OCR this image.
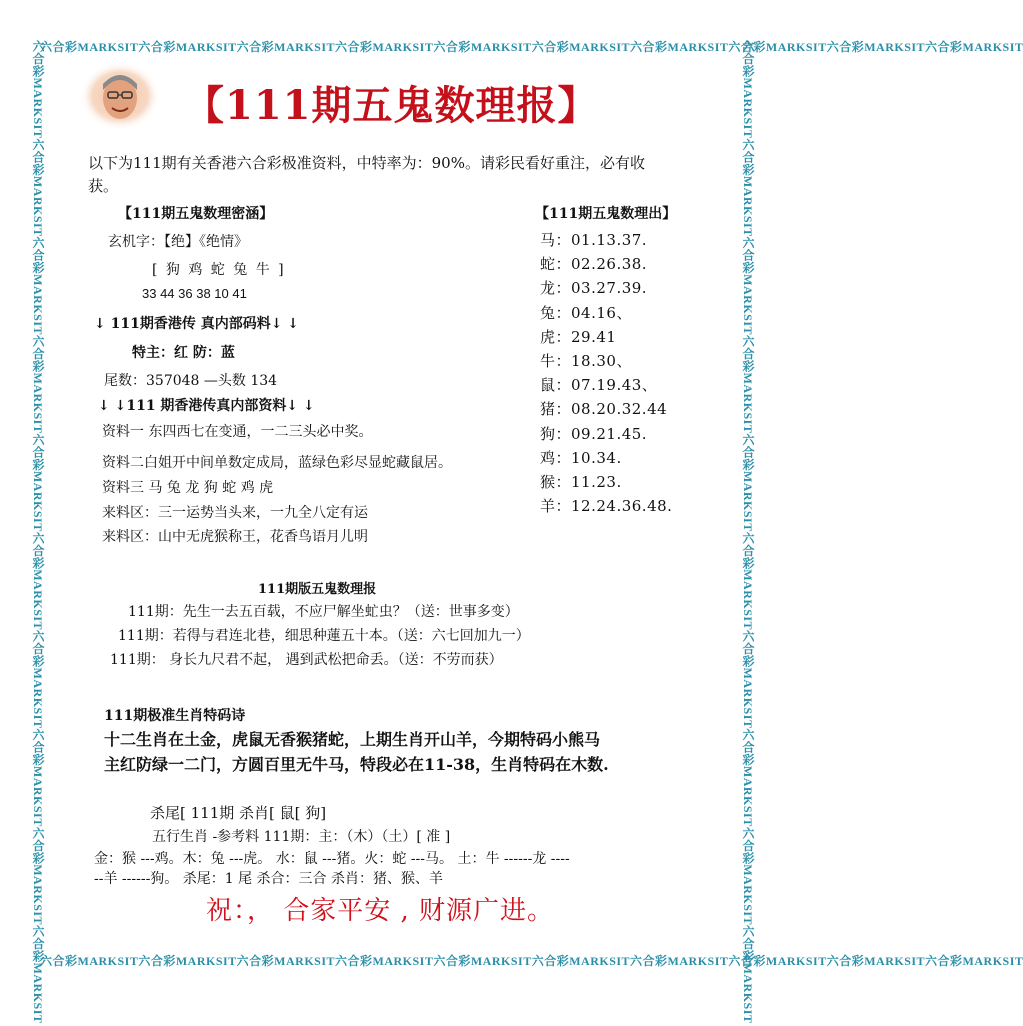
六合彩MARKSIT六合彩MARKSIT六合彩MARKSIT六合彩MARKSIT六合彩MARKSIT六合彩MARKSIT六合彩MARKSIT六合彩MARKSIT六合彩MARKSIT六合彩MARKSIT
六合彩MARKSIT六合彩MARKSIT六合彩MARKSIT六合彩MARKSIT六合彩MARKSIT六合彩MARKSIT六合彩MARKSIT六合彩MARKSIT六合彩MARKSIT六合彩MARKSIT
六合彩MARKSIT六合彩MARKSIT六合彩MARKSIT六合彩MARKSIT六合彩MARKSIT六合彩MARKSIT六合彩MARKSIT六合彩MARKSIT六合彩MARKSIT六合彩MARKSIT	六合彩MARKSIT六合彩MARKSIT六合彩MARKSIT六合彩MARKSIT六合彩MARKSIT六合彩MARKSIT六合彩MARKSIT六合彩MARKSIT六合彩MARKSIT六合彩MARKSIT
【111期五鬼数理报】
以下为111期有关香港六合彩极准资料，中特率为：90%。请彩民看好重注，必有收
获。
【111期五鬼数理密涵】
玄机字：【绝】《绝情》
[ 狗 鸡 蛇 兔 牛 ]
33 44 36 38 10 41
↓ 111期香港传 真内部码料↓ ↓
特主：红 防：蓝
尾数：357048 —头数 134
↓ ↓111 期香港传真内部资料↓ ↓
资料一 东四西七在变通，一二三头必中奖。
资料二白姐开中间单数定成局，蓝绿色彩尽显蛇藏鼠居。
资料三 马 兔 龙 狗 蛇 鸡 虎
来料区：三一运势当头来，一九全八定有运
来料区：山中无虎猴称王，花香鸟语月儿明
【111期五鬼数理出】
马：01.13.37.
蛇：02.26.38.
龙：03.27.39.
兔：04.16、
虎：29.41
牛：18.30、
鼠：07.19.43、
猪：08.20.32.44
狗：09.21.45.
鸡：10.34.
猴：11.23.
羊：12.24.36.48.
111期版五鬼数理报
111期：先生一去五百载，不应尸解坐虻虫？（送：世事多变）
111期：若得与君连北巷，细思种蓮五十本。（送：六七回加九一）
111期： 身长九尺君不起， 遇到武松把命丢。（送：不劳而获）
111期极准生肖特码诗
十二生肖在土金，虎鼠无香猴猪蛇，上期生肖开山羊，今期特码小熊马
主红防绿一二门，方圆百里无牛马，特段必在11-38，生肖特码在木数.
杀尾[ 111期 杀肖[ 鼠[ 狗]
五行生肖 -参考料 111期：主：（木）（土）[ 准 ]
金：猴 ---鸡。木：兔 ---虎。 水：鼠 ---猪。火：蛇 ---马。 土：牛 ------龙 ----
--羊 ------狗。 杀尾：1 尾 杀合：三合 杀肖：猪、猴、羊
祝：， 合家平安 , 财源广进。
